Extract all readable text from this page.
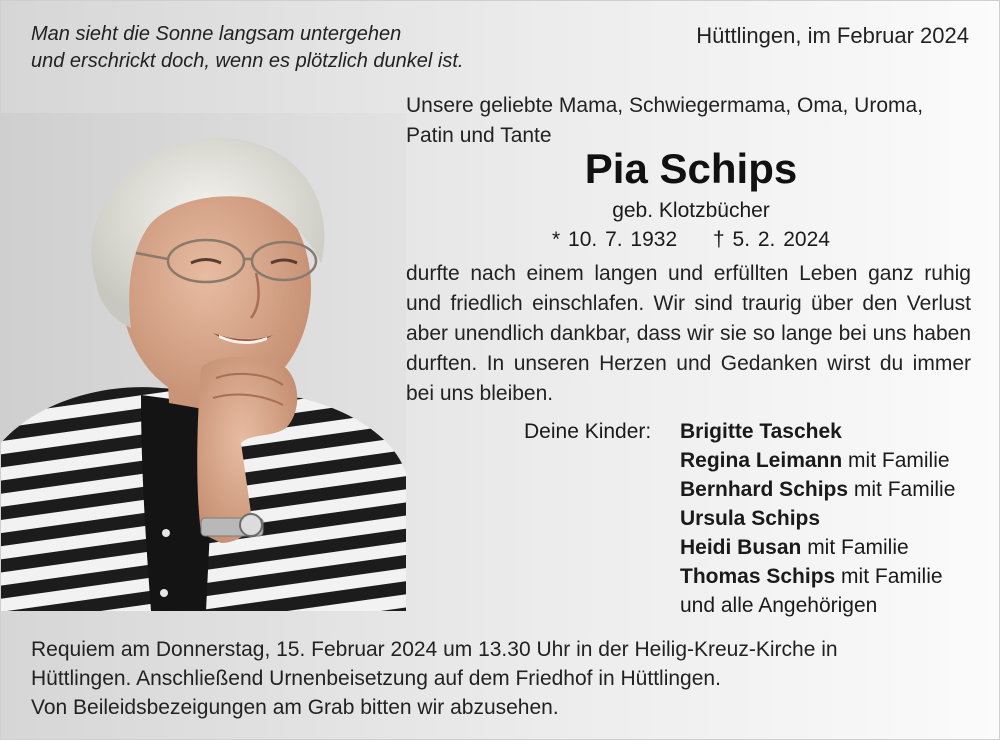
Man sieht die Sonne langsam untergehen
und erschrickt doch, wenn es plötzlich dunkel ist.
Hüttlingen, im Februar 2024
Unsere geliebte Mama, Schwiegermama, Oma, Uroma,
Patin und Tante
Pia Schips
geb. Klotzbücher
* 10. 7. 1932 † 5. 2. 2024
durfte nach einem langen und erfüllten Leben ganz ruhig und friedlich einschlafen. Wir sind traurig über den Verlust aber unendlich dankbar, dass wir sie so lange bei uns haben durften. In unseren Herzen und Gedanken wirst du immer bei uns bleiben.
Deine Kinder: Brigitte Taschek
Regina Leimann mit Familie
Bernhard Schips mit Familie
Ursula Schips
Heidi Busan mit Familie
Thomas Schips mit Familie
und alle Angehörigen
Requiem am Donnerstag, 15. Februar 2024 um 13.30 Uhr in der Heilig-Kreuz-Kirche in
Hüttlingen. Anschließend Urnenbeisetzung auf dem Friedhof in Hüttlingen.
Von Beileidsbezeigungen am Grab bitten wir abzusehen.
